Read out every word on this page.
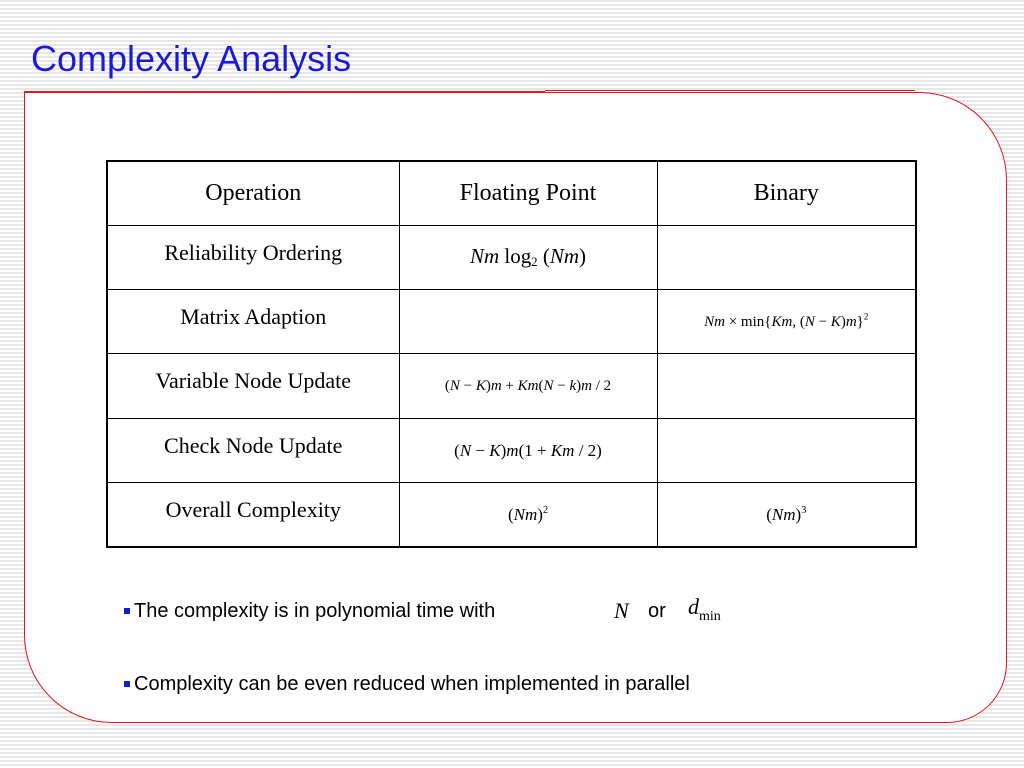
Complexity Analysis
Operation	Floating Point	Binary

Reliability Ordering	Nm $\log_2 (Nm)$	

Matrix Adaption		Nm × min{Km, (N − K)m}$^2$

Variable Node Update	(N − K)m + Km(N − k)m / 2	

Check Node Update	(N − K)m(1 + Km / 2)	

Overall Complexity	$(Nm)^2$	$(Nm)^3$
The complexity is in polynomial time with	N or $d_{min}$
Complexity can be even reduced when implemented in parallel
